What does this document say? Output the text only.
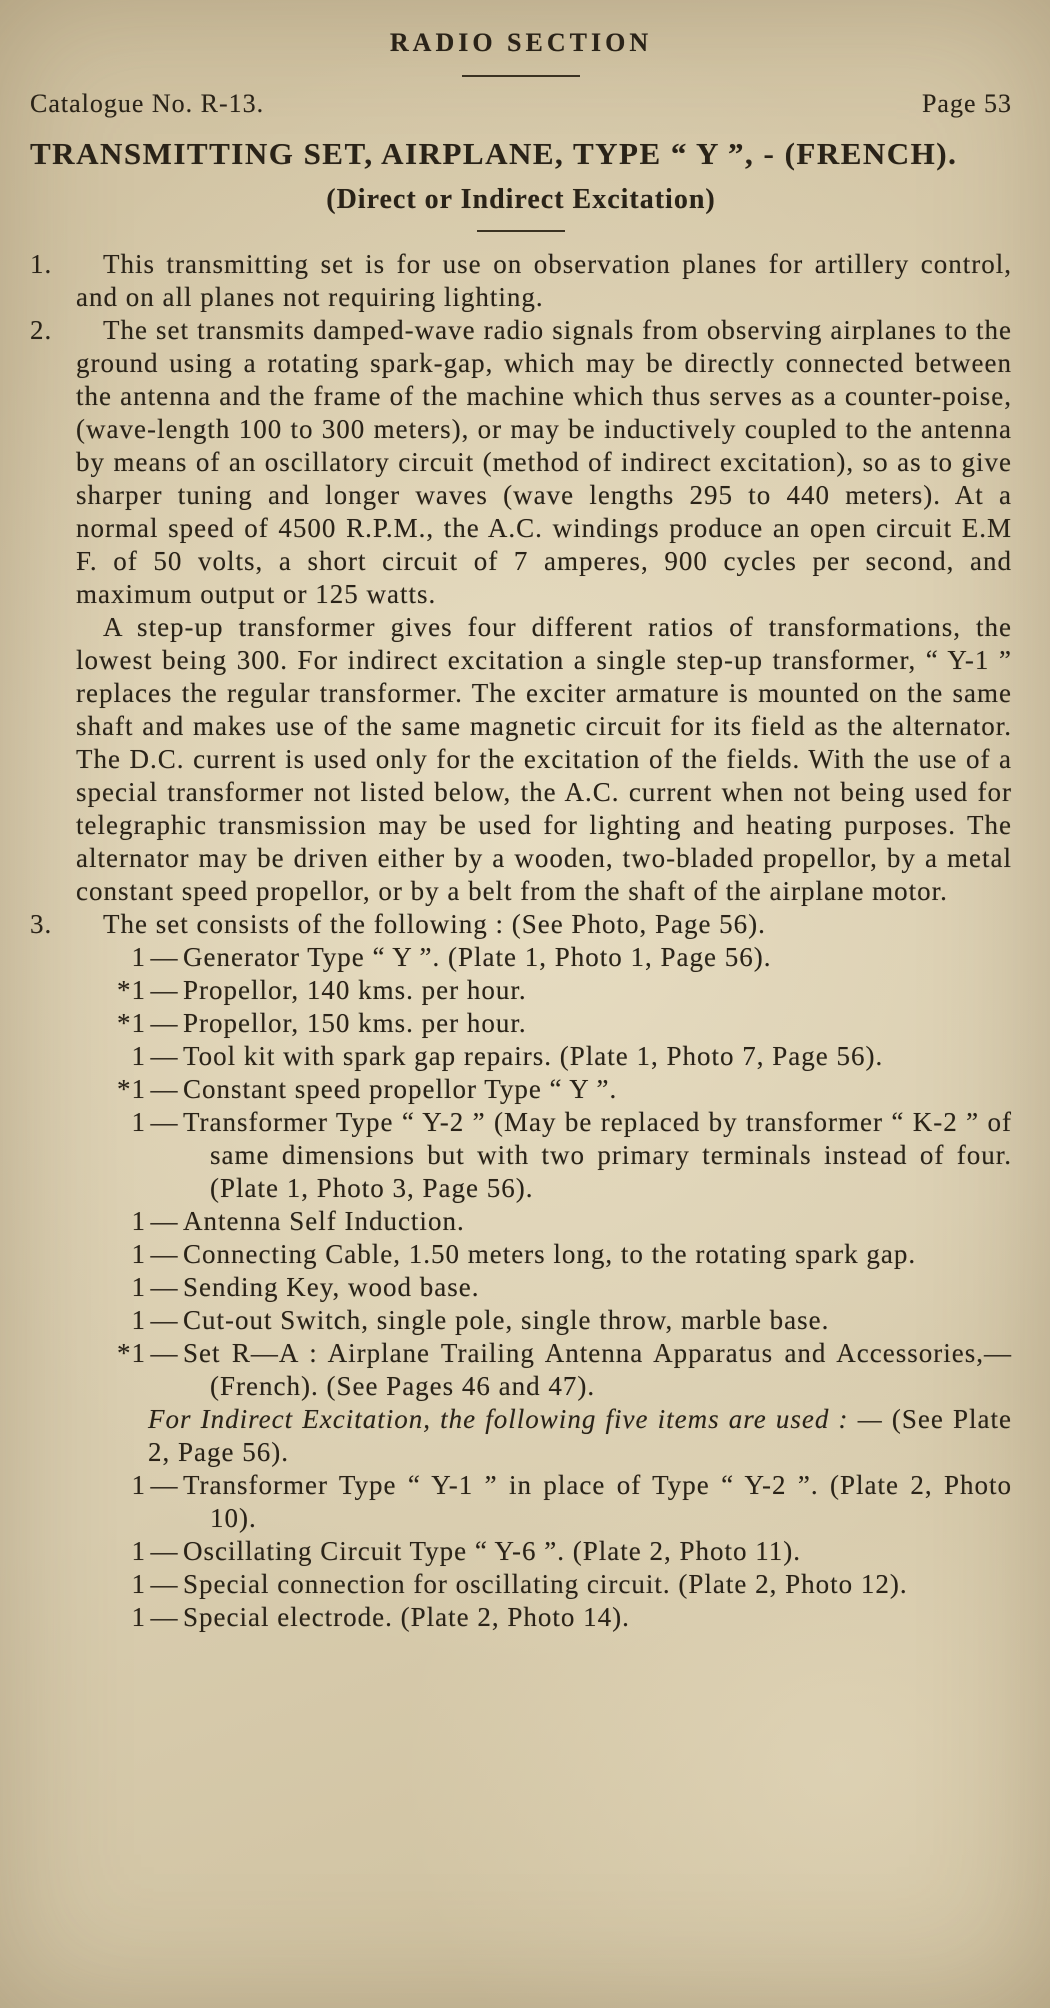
RADIO SECTION
Catalogue No. R-13.	Page 53
TRANSMITTING SET, AIRPLANE, TYPE “ Y ”, - (FRENCH).
(Direct or Indirect Excitation)
1.	This transmitting set is for use on observation planes for artillery control, and on all planes not requiring lighting.
2.	The set transmits damped-wave radio signals from observing airplanes to the ground using a rotating spark-gap, which may be directly connected between the antenna and the frame of the machine which thus serves as a counter-poise, (wave-length 100 to 300 meters), or may be inductively coupled to the antenna by means of an oscillatory circuit (method of indirect excitation), so as to give sharper tuning and longer waves (wave lengths 295 to 440 meters). At a normal speed of 4500 R.P.M., the A.C. windings produce an open circuit E.M F. of 50 volts, a short circuit of 7 amperes, 900 cycles per second, and maximum output or 125 watts.
A step-up transformer gives four different ratios of transformations, the lowest being 300. For indirect excitation a single step-up transformer, “ Y-1 ” replaces the regular transformer. The exciter armature is mounted on the same shaft and makes use of the same magnetic circuit for its field as the alternator. The D.C. current is used only for the excitation of the fields. With the use of a special transformer not listed below, the A.C. current when not being used for telegraphic transmission may be used for lighting and heating purposes. The alternator may be driven either by a wooden, two-bladed propellor, by a metal constant speed propellor, or by a belt from the shaft of the airplane motor.
3.	The set consists of the following : (See Photo, Page 56).
1 — Generator Type “ Y ”. (Plate 1, Photo 1, Page 56).
*1 — Propellor, 140 kms. per hour.
*1 — Propellor, 150 kms. per hour.
1 — Tool kit with spark gap repairs. (Plate 1, Photo 7, Page 56).
*1 — Constant speed propellor Type “ Y ”.
1 — Transformer Type “ Y-2 ” (May be replaced by transformer “ K-2 ” of same dimensions but with two primary terminals instead of four. (Plate 1, Photo 3, Page 56).
1 — Antenna Self Induction.
1 — Connecting Cable, 1.50 meters long, to the rotating spark gap.
1 — Sending Key, wood base.
1 — Cut-out Switch, single pole, single throw, marble base.
*1 — Set R—A : Airplane Trailing Antenna Apparatus and Accessories,—(French). (See Pages 46 and 47).
For Indirect Excitation, the following five items are used : — (See Plate 2, Page 56).
1 — Transformer Type “ Y-1 ” in place of Type “ Y-2 ”. (Plate 2, Photo 10).
1 — Oscillating Circuit Type “ Y-6 ”. (Plate 2, Photo 11).
1 — Special connection for oscillating circuit. (Plate 2, Photo 12).
1 — Special electrode. (Plate 2, Photo 14).
